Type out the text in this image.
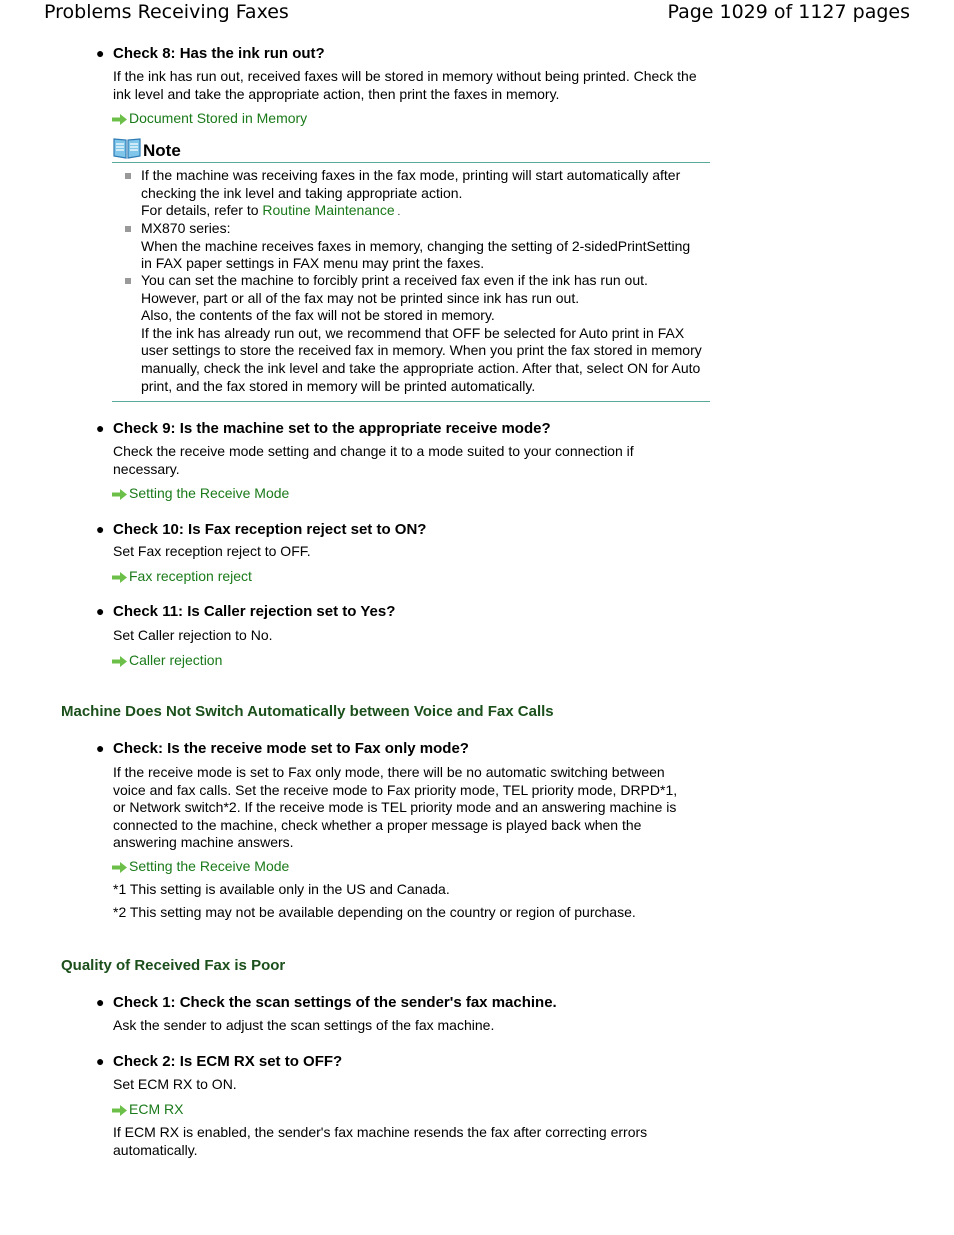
Problems Receiving Faxes	Page 1029 of 1127 pages
● Check 8: Has the ink run out?
If the ink has run out, received faxes will be stored in memory without being printed. Check the ink level and take the appropriate action, then print the faxes in memory.
Document Stored in Memory
Note
If the machine was receiving faxes in the fax mode, printing will start automatically after checking the ink level and taking appropriate action.
For details, refer to Routine Maintenance .
MX870 series:
When the machine receives faxes in memory, changing the setting of 2-sidedPrintSetting in FAX paper settings in FAX menu may print the faxes.
You can set the machine to forcibly print a received fax even if the ink has run out.
However, part or all of the fax may not be printed since ink has run out.
Also, the contents of the fax will not be stored in memory.
If the ink has already run out, we recommend that OFF be selected for Auto print in FAX user settings to store the received fax in memory. When you print the fax stored in memory manually, check the ink level and take the appropriate action. After that, select ON for Auto print, and the fax stored in memory will be printed automatically.
● Check 9: Is the machine set to the appropriate receive mode?
Check the receive mode setting and change it to a mode suited to your connection if necessary.
Setting the Receive Mode
● Check 10: Is Fax reception reject set to ON?
Set Fax reception reject to OFF.
Fax reception reject
● Check 11: Is Caller rejection set to Yes?
Set Caller rejection to No.
Caller rejection
Machine Does Not Switch Automatically between Voice and Fax Calls
● Check: Is the receive mode set to Fax only mode?
If the receive mode is set to Fax only mode, there will be no automatic switching between voice and fax calls. Set the receive mode to Fax priority mode, TEL priority mode, DRPD*1, or Network switch*2. If the receive mode is TEL priority mode and an answering machine is connected to the machine, check whether a proper message is played back when the answering machine answers.
Setting the Receive Mode
*1 This setting is available only in the US and Canada.
*2 This setting may not be available depending on the country or region of purchase.
Quality of Received Fax is Poor
● Check 1: Check the scan settings of the sender's fax machine.
Ask the sender to adjust the scan settings of the fax machine.
● Check 2: Is ECM RX set to OFF?
Set ECM RX to ON.
ECM RX
If ECM RX is enabled, the sender's fax machine resends the fax after correcting errors automatically.
